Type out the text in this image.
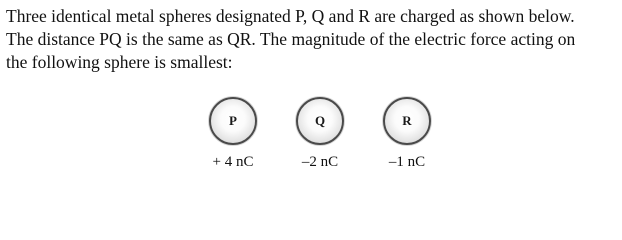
Three identical metal spheres designated P, Q and R are charged as shown below.
The distance PQ is the same as QR. The magnitude of the electric force acting on
the following sphere is smallest:
P	Q	R
+ 4 nC	–2 nC	–1 nC
